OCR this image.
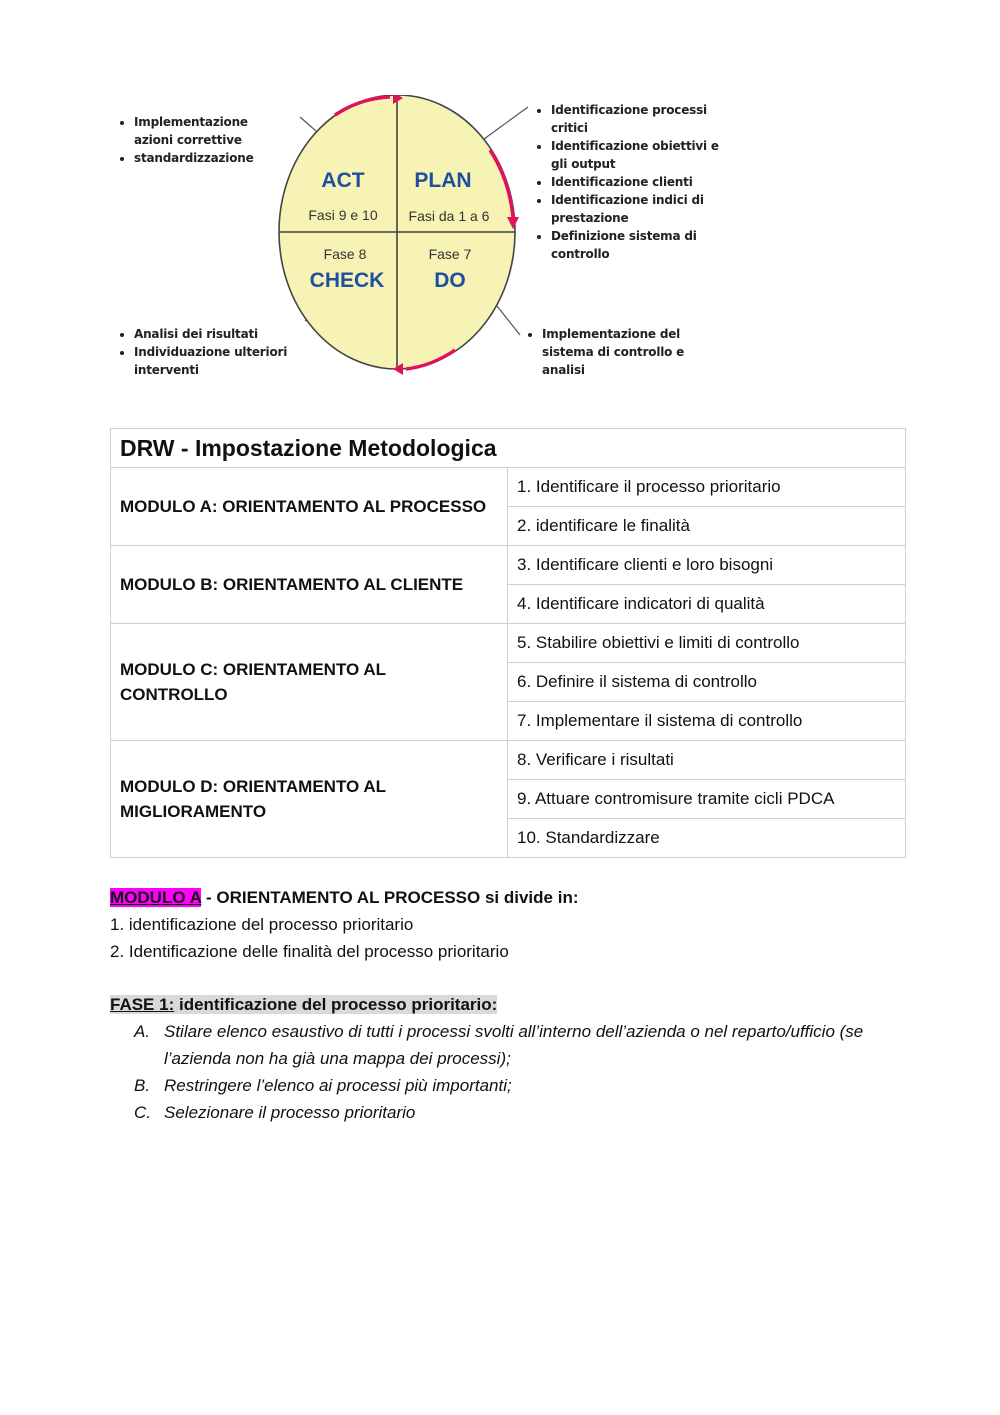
ACT
Fasi 9 e 10
PLAN
Fasi da 1 a 6
Fase 8
CHECK
Fase 7
DO
• Implementazione azioni correttive
• standardizzazione
• Identificazione processi critici
• Identificazione obiettivi e gli output
• Identificazione clienti
• Identificazione indici di prestazione
• Definizione sistema di controllo
• Analisi dei risultati
• Individuazione ulteriori interventi
• Implementazione del sistema di controllo e analisi
DRW - Impostazione Metodologica	
MODULO A: ORIENTAMENTO AL PROCESSO	1. Identificare il processo prioritario
	2. identificare le finalità
MODULO B: ORIENTAMENTO AL CLIENTE	3. Identificare clienti e loro bisogni
	4. Identificare indicatori di qualità
MODULO C: ORIENTAMENTO AL CONTROLLO	5. Stabilire obiettivi e limiti di controllo
	6. Definire il sistema di controllo
	7. Implementare il sistema di controllo
MODULO D: ORIENTAMENTO AL MIGLIORAMENTO	8. Verificare i risultati
	9. Attuare contromisure tramite cicli PDCA
	10. Standardizzare

MODULO A - ORIENTAMENTO AL PROCESSO si divide in:

1. identificazione del processo prioritario

2. Identificazione delle finalità del processo prioritario

FASE 1: identificazione del processo prioritario:

A. Stilare elenco esaustivo di tutti i processi svolti all’interno dell’azienda o nel reparto/ufficio (se l’azienda non ha già una mappa dei processi);
B. Restringere l’elenco ai processi più importanti;
C. Selezionare il processo prioritario
